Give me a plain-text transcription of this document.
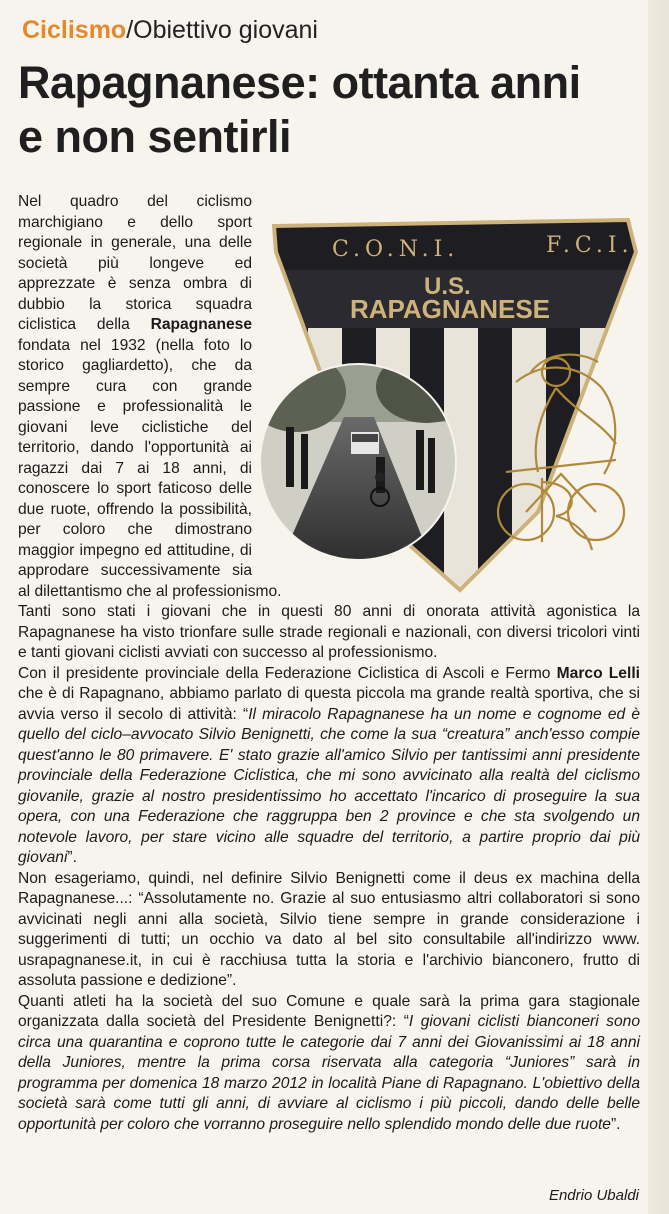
Ciclismo/Obiettivo giovani
Rapagnanese: ottanta anni
e non sentirli
C.O.N.I.	F.C.I.
U.S.
RAPAGNANESE

Nel quadro del ciclismo marchigiano e dello sport regionale in generale, una delle società più longeve ed apprezzate è senza ombra di dubbio la storica squadra ciclistica della Rapagnanese fondata nel 1932 (nella foto lo storico gagliardetto), che da sempre cura con grande passione e professionalità le giovani leve ciclistiche del territorio, dando l'opportunità ai ragazzi dai 7 ai 18 anni, di conoscere lo sport faticoso delle due ruote, offrendo la possibilità, per coloro che dimostrano maggior impegno ed attitudine, di approdare successivamente sia al dilettantismo che al professionismo.

Tanti sono stati i giovani che in questi 80 anni di onorata attività agonistica la Rapagnanese ha visto trionfare sulle strade regionali e nazionali, con diversi tricolori vinti e tanti giovani ciclisti avviati con successo al professionismo.

Con il presidente provinciale della Federazione Ciclistica di Ascoli e Fermo Marco Lelli che è di Rapagnano, abbiamo parlato di questa piccola ma grande realtà sportiva, che si avvia verso il secolo di attività: “Il miracolo Rapagnanese ha un nome e cognome ed è quello del ciclo–avvocato Silvio Benignetti, che come la sua “creatura” anch'esso compie quest'anno le 80 primavere. E' stato grazie all'amico Silvio per tantissimi anni presidente provinciale della Federazione Ciclistica, che mi sono avvicinato alla realtà del ciclismo giovanile, grazie al nostro presidentissimo ho accettato l'incarico di proseguire la sua opera, con una Federazione che raggruppa ben 2 province e che sta svolgendo un notevole lavoro, per stare vicino alle squadre del territorio, a partire proprio dai più giovani”.

Non esageriamo, quindi, nel definire Silvio Benignetti come il deus ex machina della Rapagnanese...: “Assolutamente no. Grazie al suo entusiasmo altri collaboratori si sono avvicinati negli anni alla società, Silvio tiene sempre in grande considerazione i suggerimenti di tutti; un occhio va dato al bel sito consultabile all'indirizzo www. usrapagnanese.it, in cui è racchiusa tutta la storia e l'archivio bianconero, frutto di assoluta passione e dedizione”.

Quanti atleti ha la società del suo Comune e quale sarà la prima gara stagionale organizzata dalla società del Presidente Benignetti?: “I giovani ciclisti bianconeri sono circa una quarantina e coprono tutte le categorie dai 7 anni dei Giovanissimi ai 18 anni della Juniores, mentre la prima corsa riservata alla categoria “Juniores” sarà in programma per domenica 18 marzo 2012 in località Piane di Rapagnano. L'obiettivo della società sarà come tutti gli anni, di avviare al ciclismo i più piccoli, dando delle belle opportunità per coloro che vorranno proseguire nello splendido mondo delle due ruote”.

Endrio Ubaldi
